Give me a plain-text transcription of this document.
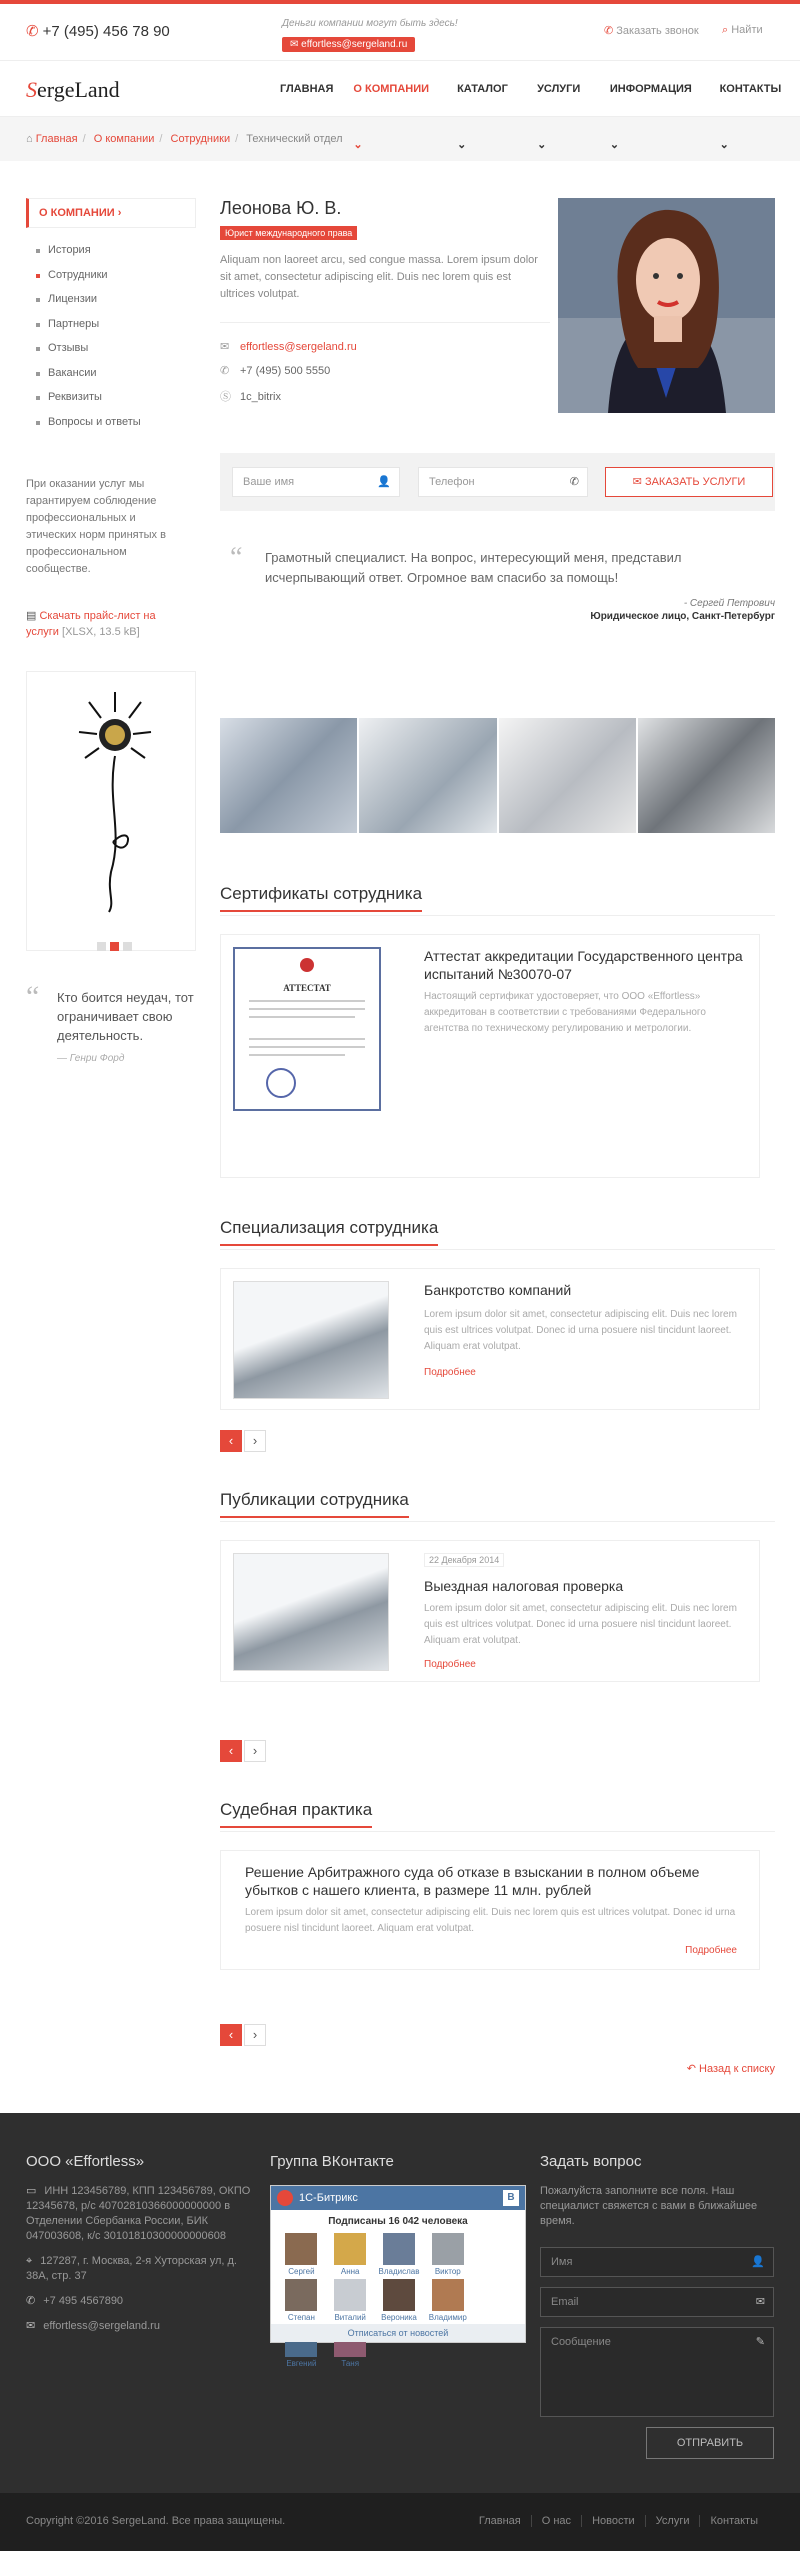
✆ +7 (495) 456 78 90	Деньги компании могут быть здесь!
✉ effortless@sergeland.ru
✆ Заказать звонок ⌕ Найти
SergeLand	ГЛАВНАЯ	О КОМПАНИИ ⌄
КАТАЛОГ ⌄
УСЛУГИ ⌄
ИНФОРМАЦИЯ ⌄
КОНТАКТЫ ⌄
⌂ Главная / О компании / Сотрудники / Технический отдел
О КОМПАНИИ ›
История
Сотрудники
Лицензии
Партнеры
Отзывы
Вакансии
Реквизиты
Вопросы и ответы
При оказании услуг мы гарантируем соблюдение профессиональных и этических норм принятых в профессиональном сообществе.
▤ Скачать прайс-лист на услуги [XLSX, 13.5 kB]
“ Кто боится неудач, тот ограничивает свою деятельность.
— Генри Форд
Леонова Ю. В.
Юрист международного права
Aliquam non laoreet arcu, sed congue massa. Lorem ipsum dolor sit amet, consectetur adipiscing elit. Duis nec lorem quis est ultrices volutpat.
✉ effortless@sergeland.ru
✆ +7 (495) 500 5550
Ⓢ 1c_bitrix
Ваше имя	👤	Телефон	✆	✉ ЗАКАЗАТЬ УСЛУГИ
“ Грамотный специалист. На вопрос, интересующий меня, представил исчерпывающий ответ. Огромное вам спасибо за помощь!
- Сергей Петрович
Юридическое лицо, Санкт-Петербург
Сертификаты сотрудника
АТТЕСТАТ
Аттестат аккредитации Государственного центра испытаний №30070-07
Настоящий сертификат удостоверяет, что ООО «Effortless» аккредитован в соответствии с требованиями Федерального агентства по техническому регулированию и метрологии.
Специализация сотрудника
Банкротство компаний
Lorem ipsum dolor sit amet, consectetur adipiscing elit. Duis nec lorem quis est ultrices volutpat. Donec id urna posuere nisl tincidunt laoreet. Aliquam erat volutpat.
Подробнее
‹	›
Публикации сотрудника
22 Декабря 2014
Выездная налоговая проверка
Lorem ipsum dolor sit amet, consectetur adipiscing elit. Duis nec lorem quis est ultrices volutpat. Donec id urna posuere nisl tincidunt laoreet. Aliquam erat volutpat.
Подробнее
‹	›
Судебная практика
Решение Арбитражного суда об отказе в взыскании в полном объеме убытков с нашего клиента, в размере 11 млн. рублей
Lorem ipsum dolor sit amet, consectetur adipiscing elit. Duis nec lorem quis est ultrices volutpat. Donec id urna posuere nisl tincidunt laoreet. Aliquam erat volutpat.
Подробнее
‹	›
↶ Назад к списку
ООО «Effortless»
▭ ИНН 123456789, КПП 123456789, ОКПО 12345678, р/с 40702810366000000000 в Отделении Сбербанка России, БИК 047003608, к/с 30101810300000000608
⌖ 127287, г. Москва, 2-я Хуторская ул, д. 38А, стр. 37
✆ +7 495 4567890
✉ effortless@sergeland.ru
Группа ВКонтакте
1С-Битрикс	В
Подписаны 16 042 человека
Сергей	Анна	Владислав	Виктор
Степан	Виталий	Вероника	Владимир
Евгений	Таня
Отписаться от новостей
Задать вопрос
Пожалуйста заполните все поля. Наш специалист свяжется с вами в ближайшее время.
Имя	👤
Email	✉
Сообщение	✎
ОТПРАВИТЬ
Copyright ©2016 SergeLand. Все права защищены.	Главная	О нас	Новости	Услуги	Контакты
